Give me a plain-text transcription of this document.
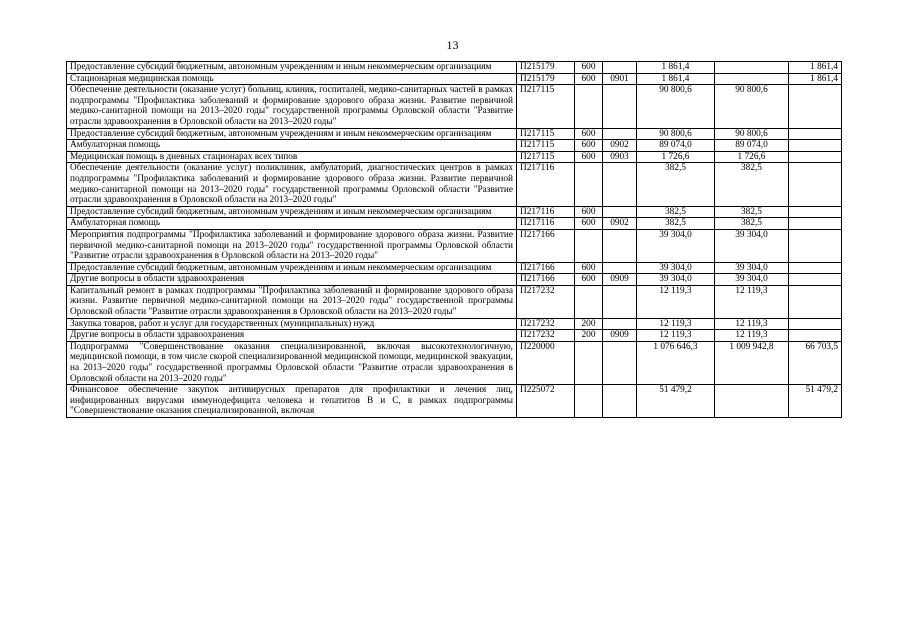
13
Предоставление субсидий бюджетным, автономным учреждениям и иным некоммерческим организациям	П215179	600		1 861,4		1 861,4
Стационарная медицинская помощь	П215179	600	0901	1 861,4		1 861,4
Обеспечение деятельности (оказание услуг) больниц, клиник, госпиталей, медико-санитарных частей в рамках подпрограммы "Профилактика заболеваний и формирование здорового образа жизни. Развитие первичной медико-санитарной помощи на 2013–2020 годы" государственной программы Орловской области "Развитие отрасли здравоохранения в Орловской области на 2013–2020 годы"	П217115			90 800,6	90 800,6	
Предоставление субсидий бюджетным, автономным учреждениям и иным некоммерческим организациям	П217115	600		90 800,6	90 800,6	
Амбулаторная помощь	П217115	600	0902	89 074,0	89 074,0	
Медицинская помощь в дневных стационарах всех типов	П217115	600	0903	1 726,6	1 726,6	
Обеспечение деятельности (оказание услуг) поликлиник, амбулаторий, диагностических центров в рамках подпрограммы "Профилактика заболеваний и формирование здорового образа жизни. Развитие первичной медико-санитарной помощи на 2013–2020 годы" государственной программы Орловской области "Развитие отрасли здравоохранения в Орловской области на 2013–2020 годы"	П217116			382,5	382,5	
Предоставление субсидий бюджетным, автономным учреждениям и иным некоммерческим организациям	П217116	600		382,5	382,5	
Амбулаторная помощь	П217116	600	0902	382,5	382,5	
Мероприятия подпрограммы "Профилактика заболеваний и формирование здорового образа жизни. Развитие первичной медико-санитарной помощи на 2013–2020 годы" государственной программы Орловской области "Развитие отрасли здравоохранения в Орловской области на 2013–2020 годы"	П217166			39 304,0	39 304,0	
Предоставление субсидий бюджетным, автономным учреждениям и иным некоммерческим организациям	П217166	600		39 304,0	39 304,0	
Другие вопросы в области здравоохранения	П217166	600	0909	39 304,0	39 304,0	
Капитальный ремонт в рамках подпрограммы "Профилактика заболеваний и формирование здорового образа жизни. Развитие первичной медико-санитарной помощи на 2013–2020 годы" государственной программы Орловской области "Развитие отрасли здравоохранения в Орловской области на 2013–2020 годы"	П217232			12 119,3	12 119,3	
Закупка товаров, работ и услуг для государственных (муниципальных) нужд	П217232	200		12 119,3	12 119,3	
Другие вопросы в области здравоохранения	П217232	200	0909	12 119,3	12 119,3	
Подпрограмма "Совершенствование оказания специализированной, включая высокотехнологичную, медицинской помощи, в том числе скорой специализированной медицинской помощи, медицинской эвакуации, на 2013–2020 годы" государственной программы Орловской области "Развитие отрасли здравоохранения в Орловской области на 2013–2020 годы"	П220000			1 076 646,3	1 009 942,8	66 703,5
Финансовое обеспечение закупок антивирусных препаратов для профилактики и лечения лиц, инфицированных вирусами иммунодефицита человека и гепатитов В и С, в рамках подпрограммы "Совершенствование оказания специализированной, включая	П225072			51 479,2		51 479,2
